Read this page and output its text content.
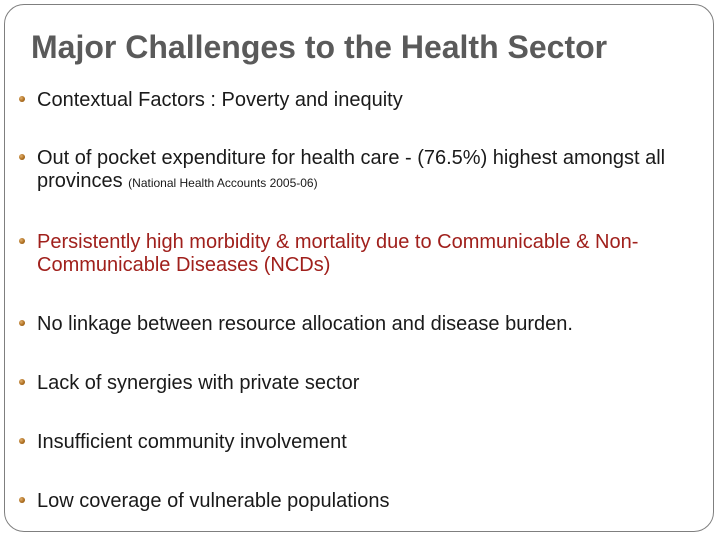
Major Challenges to the Health Sector
Contextual Factors : Poverty and inequity
Out of pocket expenditure for health care - (76.5%) highest amongst all provinces (National Health Accounts 2005-06)
Persistently high morbidity & mortality due to Communicable & Non-Communicable Diseases (NCDs)
No linkage between resource allocation and disease burden.
Lack of synergies with private sector
Insufficient community involvement
Low coverage of vulnerable populations
